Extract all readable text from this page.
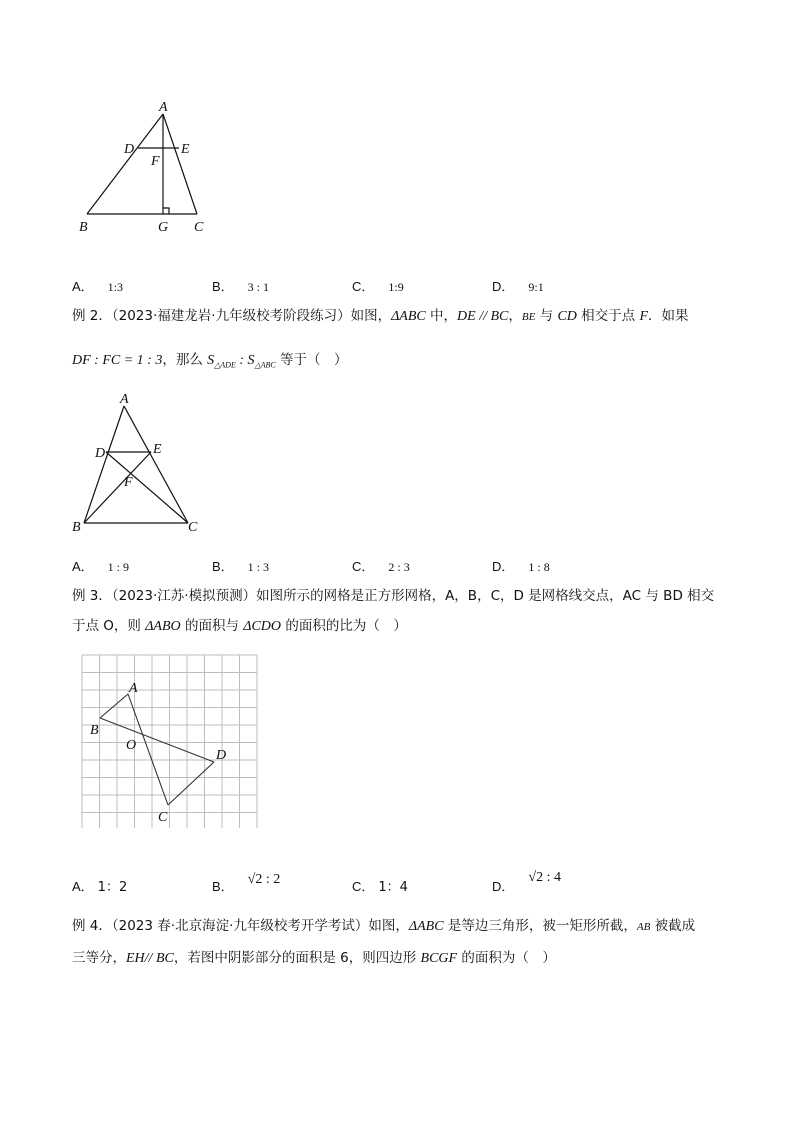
A
D	E
F
B	G C
A． 1:3	B． 3 : 1	C． 1:9	D． 9:1
例 2．（2023·福建龙岩·九年级校考阶段练习）如图，ΔABC 中，DE // BC，BE 与 CD 相交于点 F．如果
DF : FC = 1 : 3，那么 $S_{\triangle ADE}$ : $S_{\triangle ABC}$ 等于（　）
A
D	E
F
B	C
A． 1 : 9	B． 1 : 3	C． 2 : 3	D． 1 : 8
例 3．（2023·江苏·模拟预测）如图所示的网格是正方形网格，A，B，C，D 是网格线交点，AC 与 BD 相交
于点 O，则 ΔABO 的面积与 ΔCDO 的面积的比为（　）
A
B
O
D
C
A． 1：2	B． √2 : 2	C． 1：4	D．√2 : 4
例 4．（2023 春·北京海淀·九年级校考开学考试）如图，ΔABC 是等边三角形，被一矩形所截，AB 被截成
三等分，EH// BC，若图中阴影部分的面积是 6，则四边形 BCGF 的面积为（　）
